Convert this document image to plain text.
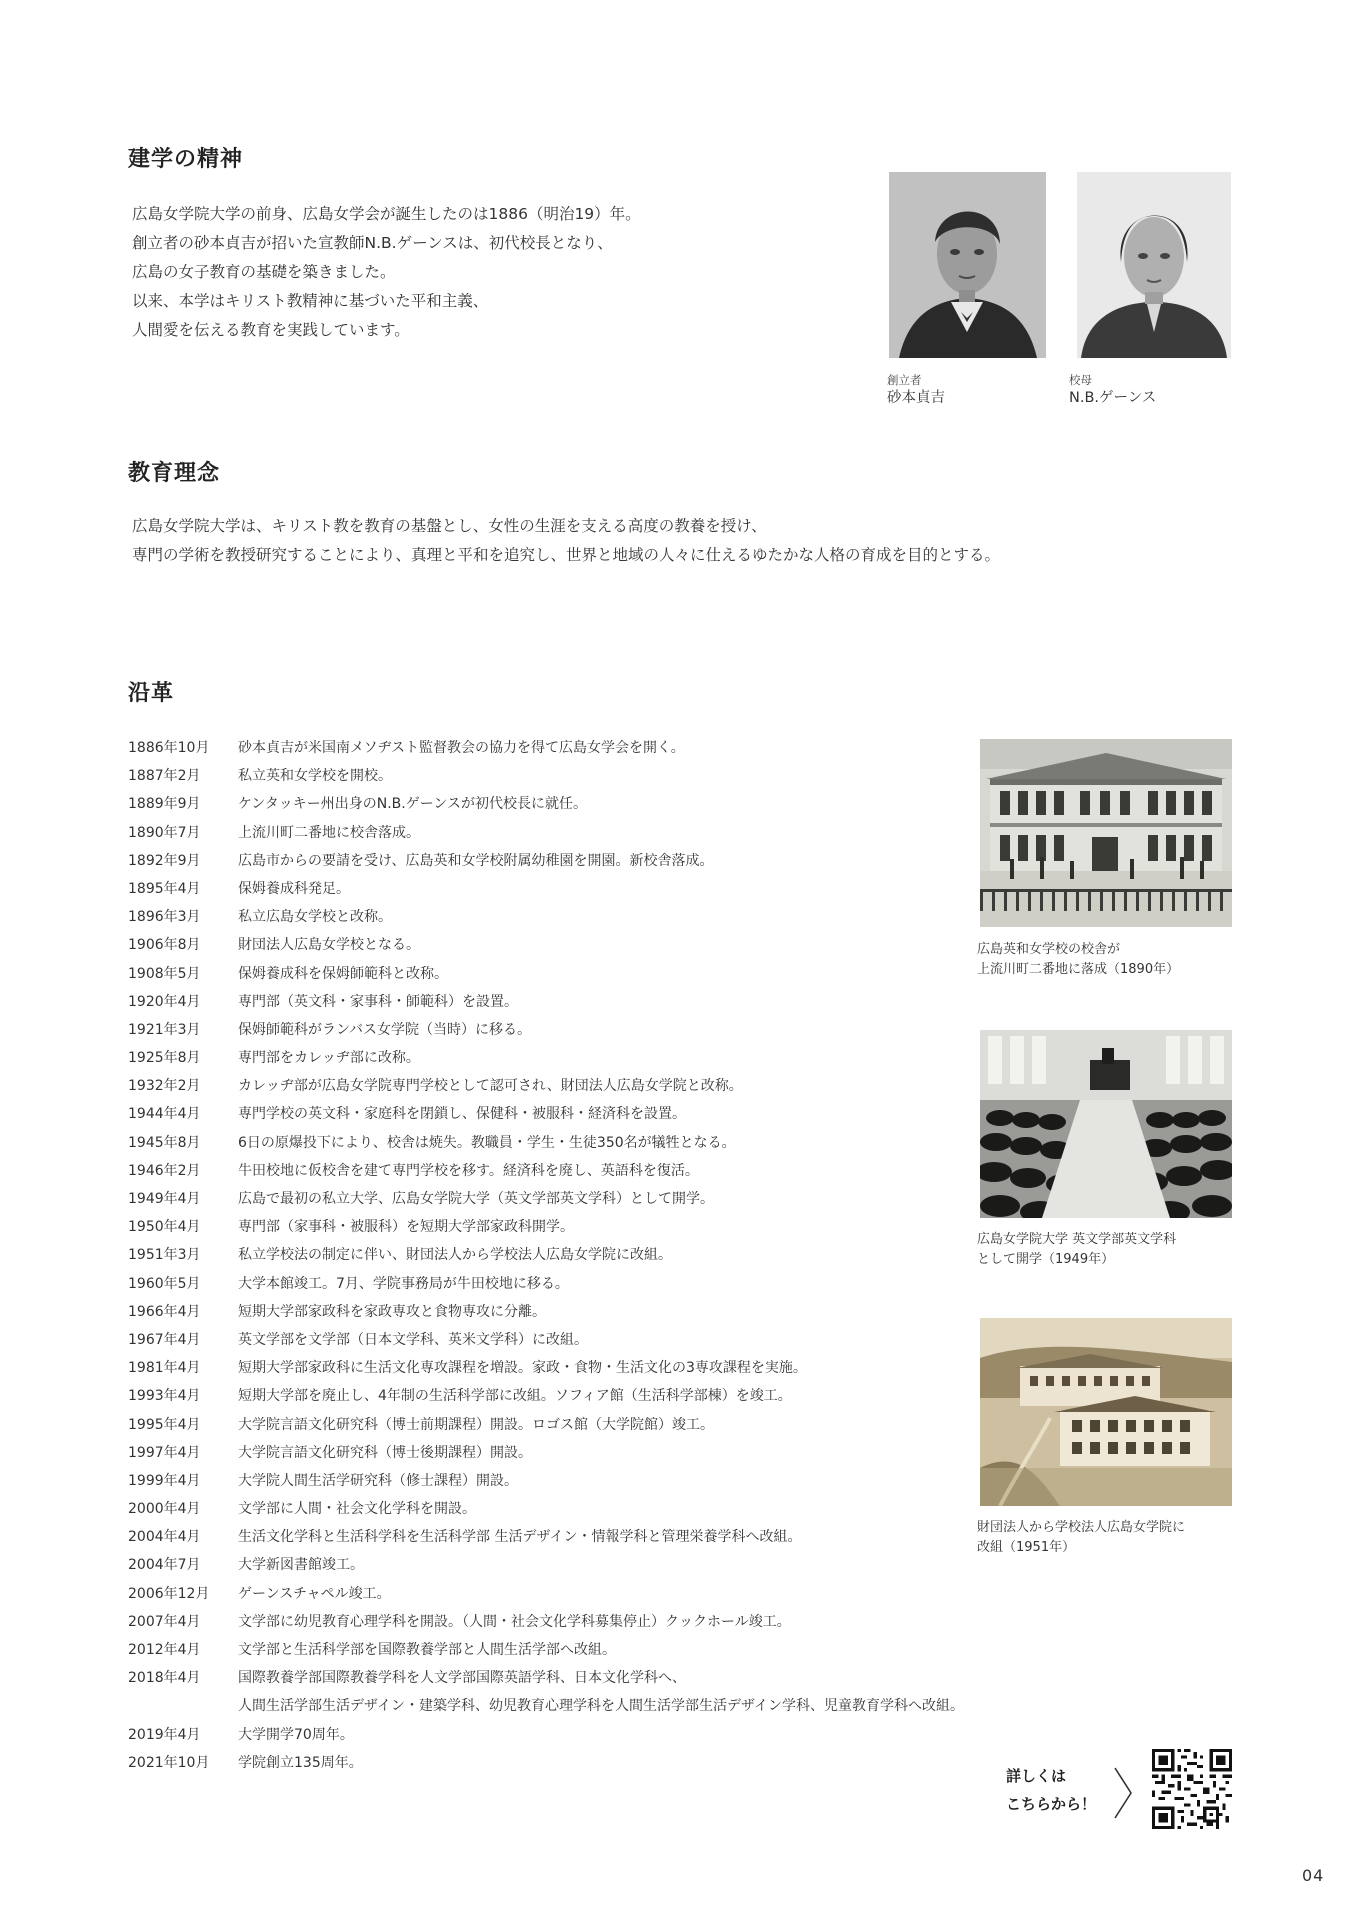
建学の精神
広島女学院大学の前身、広島女学会が誕生したのは1886（明治19）年。
創立者の砂本貞吉が招いた宣教師N.B.ゲーンスは、初代校長となり、
広島の女子教育の基礎を築きました。
以来、本学はキリスト教精神に基づいた平和主義、
人間愛を伝える教育を実践しています。
創立者
砂本貞吉
校母
N.B.ゲーンス
教育理念
広島女学院大学は、キリスト教を教育の基盤とし、女性の生涯を支える高度の教養を授け、
専門の学術を教授研究することにより、真理と平和を追究し、世界と地域の人々に仕えるゆたかな人格の育成を目的とする。
沿革
1886年10月	砂本貞吉が米国南メソヂスト監督教会の協力を得て広島女学会を開く。
1887年2月	私立英和女学校を開校。
1889年9月	ケンタッキー州出身のN.B.ゲーンスが初代校長に就任。
1890年7月	上流川町二番地に校舎落成。
1892年9月	広島市からの要請を受け、広島英和女学校附属幼稚園を開園。新校舎落成。
1895年4月	保姆養成科発足。
1896年3月	私立広島女学校と改称。
1906年8月	財団法人広島女学校となる。
1908年5月	保姆養成科を保姆師範科と改称。
1920年4月	専門部（英文科・家事科・師範科）を設置。
1921年3月	保姆師範科がランバス女学院（当時）に移る。
1925年8月	専門部をカレッヂ部に改称。
1932年2月	カレッヂ部が広島女学院専門学校として認可され、財団法人広島女学院と改称。
1944年4月	専門学校の英文科・家庭科を閉鎖し、保健科・被服科・経済科を設置。
1945年8月	6日の原爆投下により、校舎は焼失。教職員・学生・生徒350名が犠牲となる。
1946年2月	牛田校地に仮校舎を建て専門学校を移す。経済科を廃し、英語科を復活。
1949年4月	広島で最初の私立大学、広島女学院大学（英文学部英文学科）として開学。
1950年4月	専門部（家事科・被服科）を短期大学部家政科開学。
1951年3月	私立学校法の制定に伴い、財団法人から学校法人広島女学院に改組。
1960年5月	大学本館竣工。7月、学院事務局が牛田校地に移る。
1966年4月	短期大学部家政科を家政専攻と食物専攻に分離。
1967年4月	英文学部を文学部（日本文学科、英米文学科）に改組。
1981年4月	短期大学部家政科に生活文化専攻課程を増設。家政・食物・生活文化の3専攻課程を実施。
1993年4月	短期大学部を廃止し、4年制の生活科学部に改組。ソフィア館（生活科学部棟）を竣工。
1995年4月	大学院言語文化研究科（博士前期課程）開設。ロゴス館（大学院館）竣工。
1997年4月	大学院言語文化研究科（博士後期課程）開設。
1999年4月	大学院人間生活学研究科（修士課程）開設。
2000年4月	文学部に人間・社会文化学科を開設。
2004年4月	生活文化学科と生活科学科を生活科学部 生活デザイン・情報学科と管理栄養学科へ改組。
2004年7月	大学新図書館竣工。
2006年12月	ゲーンスチャペル竣工。
2007年4月	文学部に幼児教育心理学科を開設。（人間・社会文化学科募集停止）クックホール竣工。
2012年4月	文学部と生活科学部を国際教養学部と人間生活学部へ改組。
2018年4月	国際教養学部国際教養学科を人文学部国際英語学科、日本文化学科へ、
人間生活学部生活デザイン・建築学科、幼児教育心理学科を人間生活学部生活デザイン学科、児童教育学科へ改組。
2019年4月	大学開学70周年。
2021年10月	学院創立135周年。
広島英和女学校の校舎が
上流川町二番地に落成（1890年）
広島女学院大学 英文学部英文学科
として開学（1949年）
財団法人から学校法人広島女学院に
改組（1951年）
詳しくは
こちらから！
04
